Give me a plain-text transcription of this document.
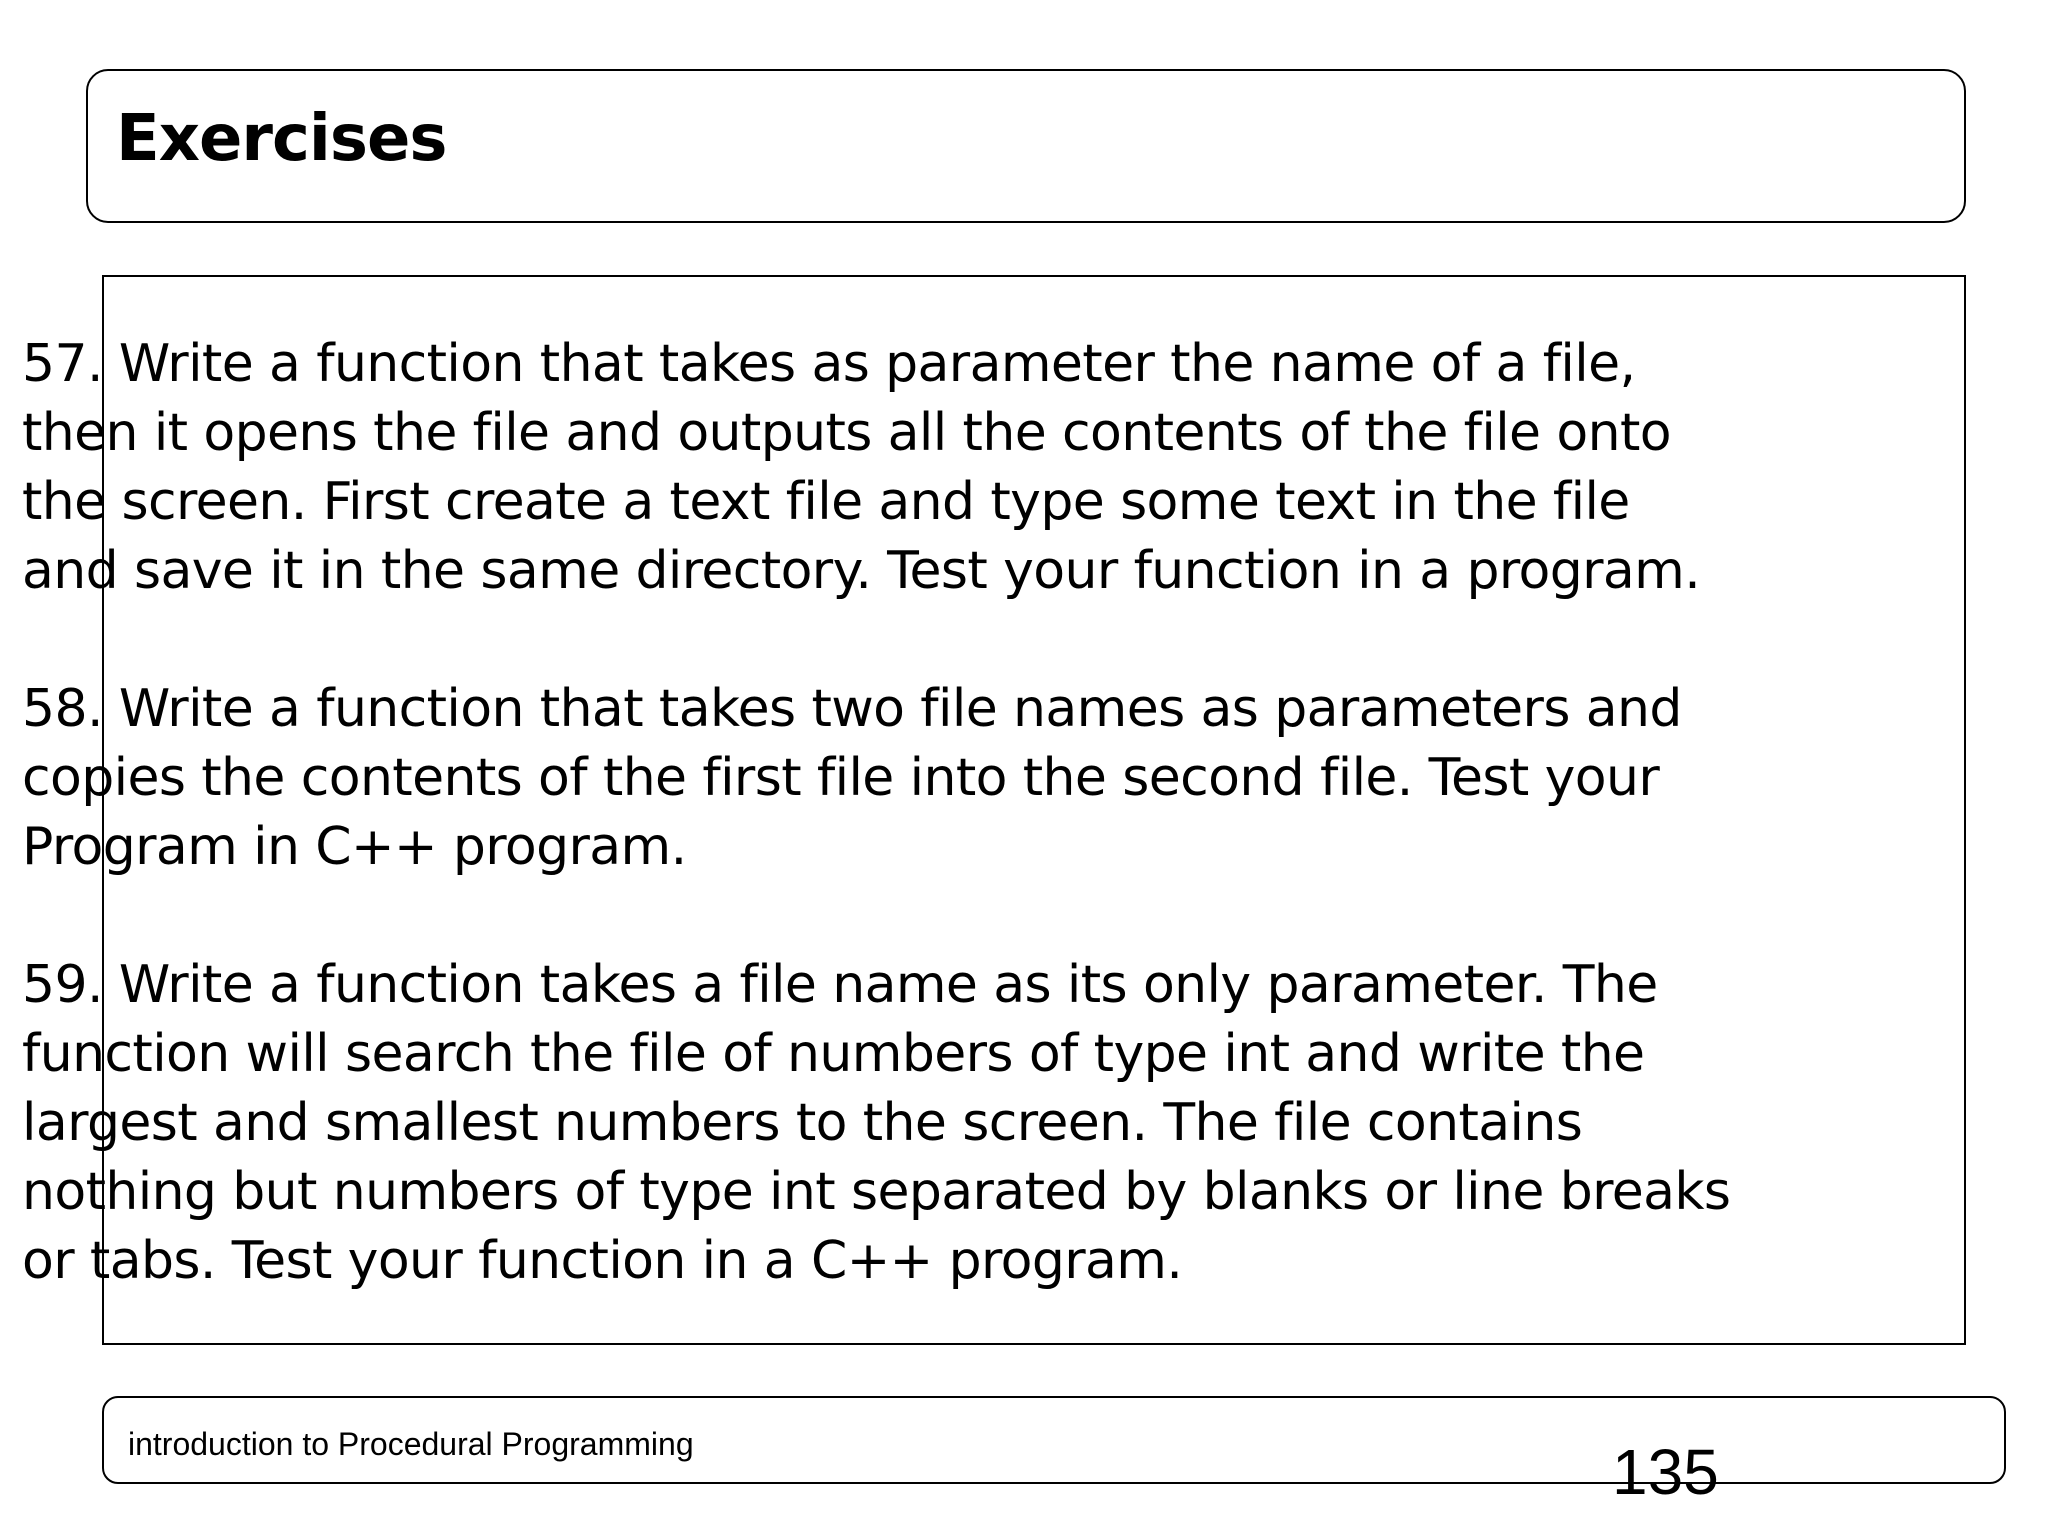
Exercises
57. Write a function that takes as parameter the name of a file,
then it opens the file and outputs all the contents of the file onto
the screen. First create a text file and type some text in the file
and save it in the same directory. Test your function in a program.
58. Write a function that takes two file names as parameters and
copies the contents of the first file into the second file. Test your
Program in C++ program.
59. Write a function takes a file name as its only parameter. The
function will search the file of numbers of type int and write the
largest and smallest numbers to the screen. The file contains
nothing but numbers of type int separated by blanks or line breaks
or tabs. Test your function in a C++ program.
introduction to Procedural Programming	135
